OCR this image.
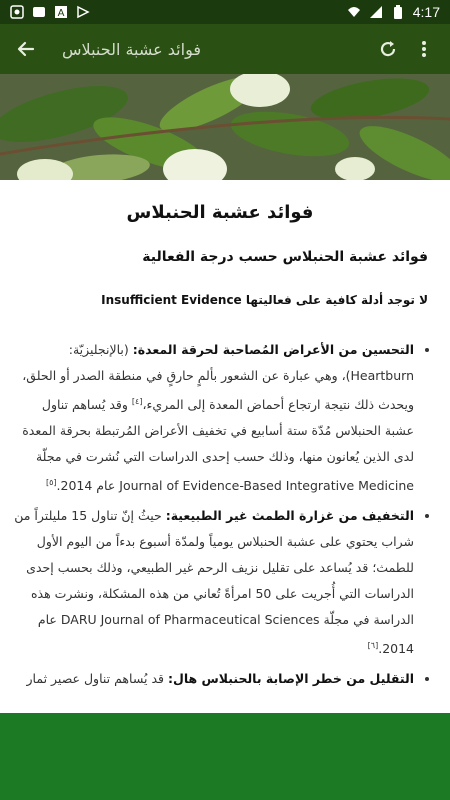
A	4:17
فوائد عشبة الحنبلاس
فوائد عشبة الحنبلاس
فوائد عشبة الحنبلاس حسب درجة الفعالية
لا توجد أدلة كافية على فعاليتها Insufficient Evidence
• التحسين من الأعراض المُصاحبة لحرقة المعدة: (بالإنجليزيّة: Heartburn)، وهي عبارة عن الشعور بألمٍ حارقٍ في منطقة الصدر أو الحلق، ويحدث ذلك نتيجة ارتجاع أحماض المعدة إلى المريء،[٤] وقد يُساهم تناول عشبة الحنبلاس مُدّة ستة أسابيع في تخفيف الأعراض المُرتبطة بحرقة المعدة لدى الذين يُعانون منها، وذلك حسب إحدى الدراسات التي نُشرت في مجلّة Journal of Evidence-Based Integrative Medicine عام 2014.[٥]
• التخفيف من غزارة الطمث غير الطبيعية: حيثُ إنّ تناول 15 مليلتراً من شراب يحتوي على عشبة الحنبلاس يومياً ولمدّة أسبوع بدءاً من اليوم الأول للطمث؛ قد يُساعد على تقليل نزيف الرحم غير الطبيعي، وذلك بحسب إحدى الدراسات التي أُجريت على 50 امرأةً تُعاني من هذه المشكلة، ونشرت هذه الدراسة في مجلّة DARU Journal of Pharmaceutical Sciences عام 2014.[٦]
• التقليل من خطر الإصابة بالحنبلاس هال: قد يُساهم تناول عصير ثمار
